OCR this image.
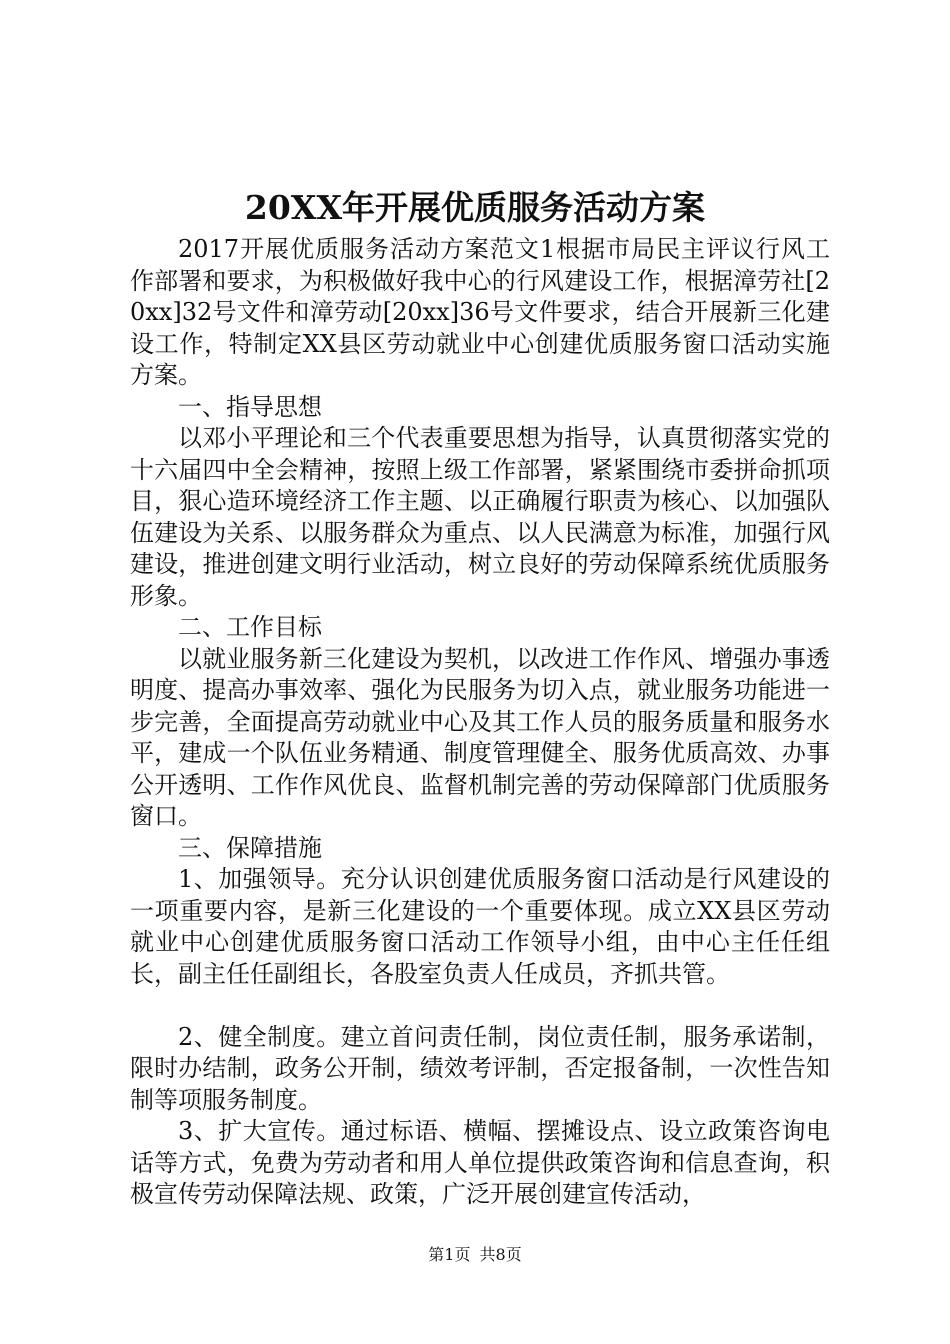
20XX年开展优质服务活动方案

2017开展优质服务活动方案范文1根据市局民主评议行风工作部署和要求，为积极做好我中心的行风建设工作，根据漳劳社[20xx]32号文件和漳劳动[20xx]36号文件要求，结合开展新三化建设工作，特制定XX县区劳动就业中心创建优质服务窗口活动实施方案。

一、指导思想

以邓小平理论和三个代表重要思想为指导，认真贯彻落实党的十六届四中全会精神，按照上级工作部署，紧紧围绕市委拼命抓项目，狠心造环境经济工作主题、以正确履行职责为核心、以加强队伍建设为关系、以服务群众为重点、以人民满意为标准，加强行风建设，推进创建文明行业活动，树立良好的劳动保障系统优质服务形象。

二、工作目标

以就业服务新三化建设为契机，以改进工作作风、增强办事透明度、提高办事效率、强化为民服务为切入点，就业服务功能进一步完善，全面提高劳动就业中心及其工作人员的服务质量和服务水平，建成一个队伍业务精通、制度管理健全、服务优质高效、办事公开透明、工作作风优良、监督机制完善的劳动保障部门优质服务窗口。

三、保障措施

1、加强领导。充分认识创建优质服务窗口活动是行风建设的一项重要内容，是新三化建设的一个重要体现。成立XX县区劳动就业中心创建优质服务窗口活动工作领导小组，由中心主任任组长，副主任任副组长，各股室负责人任成员，齐抓共管。

2、健全制度。建立首问责任制，岗位责任制，服务承诺制，限时办结制，政务公开制，绩效考评制，否定报备制，一次性告知制等项服务制度。

3、扩大宣传。通过标语、横幅、摆摊设点、设立政策咨询电话等方式，免费为劳动者和用人单位提供政策咨询和信息查询，积极宣传劳动保障法规、政策，广泛开展创建宣传活动，

第1页 共8页
